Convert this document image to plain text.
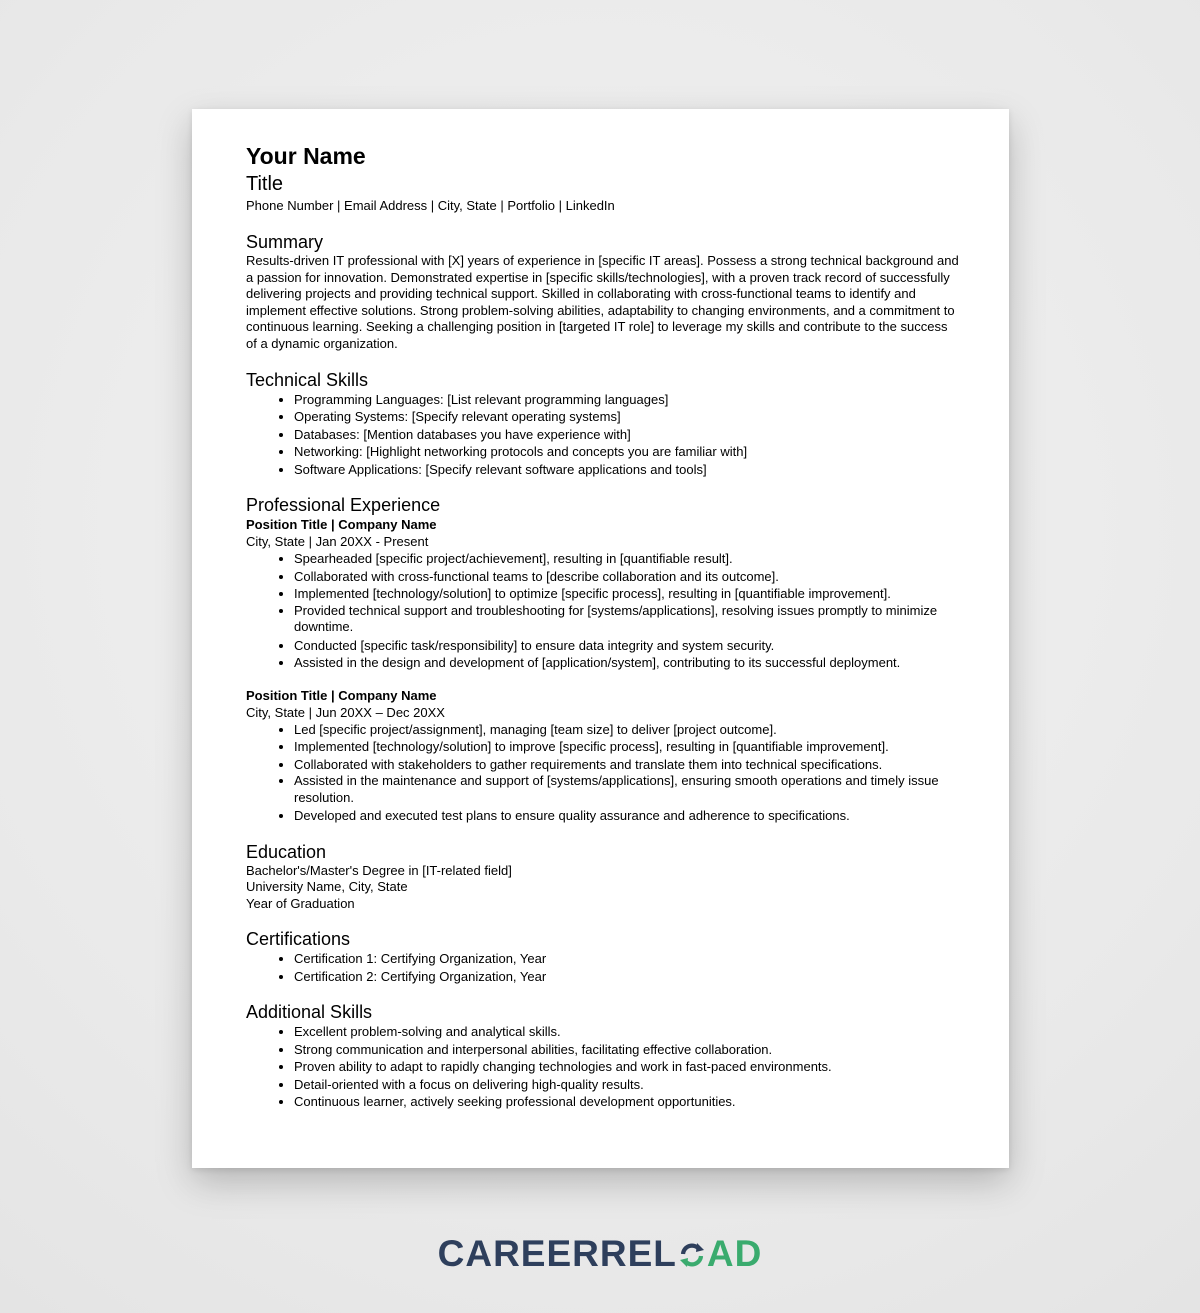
Your Name

Title

Phone Number | Email Address | City, State | Portfolio | LinkedIn

Summary

Results-driven IT professional with [X] years of experience in [specific IT areas]. Possess a strong technical background and a passion for innovation. Demonstrated expertise in [specific skills/technologies], with a proven track record of successfully delivering projects and providing technical support. Skilled in collaborating with cross-functional teams to identify and implement effective solutions. Strong problem-solving abilities, adaptability to changing environments, and a commitment to continuous learning. Seeking a challenging position in [targeted IT role] to leverage my skills and contribute to the success of a dynamic organization.

Technical Skills
• Programming Languages: [List relevant programming languages]
• Operating Systems: [Specify relevant operating systems]
• Databases: [Mention databases you have experience with]
• Networking: [Highlight networking protocols and concepts you are familiar with]
• Software Applications: [Specify relevant software applications and tools]
Professional Experience

Position Title | Company Name

City, State | Jan 20XX - Present

• Spearheaded [specific project/achievement], resulting in [quantifiable result].
• Collaborated with cross-functional teams to [describe collaboration and its outcome].
• Implemented [technology/solution] to optimize [specific process], resulting in [quantifiable improvement].
• Provided technical support and troubleshooting for [systems/applications], resolving issues promptly to minimize downtime.
• Conducted [specific task/responsibility] to ensure data integrity and system security.
• Assisted in the design and development of [application/system], contributing to its successful deployment.

Position Title | Company Name

City, State | Jun 20XX – Dec 20XX

• Led [specific project/assignment], managing [team size] to deliver [project outcome].
• Implemented [technology/solution] to improve [specific process], resulting in [quantifiable improvement].
• Collaborated with stakeholders to gather requirements and translate them into technical specifications.
• Assisted in the maintenance and support of [systems/applications], ensuring smooth operations and timely issue resolution.
• Developed and executed test plans to ensure quality assurance and adherence to specifications.
Education

Bachelor's/Master's Degree in [IT-related field]

University Name, City, State

Year of Graduation

Certifications
• Certification 1: Certifying Organization, Year
• Certification 2: Certifying Organization, Year
Additional Skills
• Excellent problem-solving and analytical skills.
• Strong communication and interpersonal abilities, facilitating effective collaboration.
• Proven ability to adapt to rapidly changing technologies and work in fast-paced environments.
• Detail-oriented with a focus on delivering high-quality results.
• Continuous learner, actively seeking professional development opportunities.
CAREERREL AD
